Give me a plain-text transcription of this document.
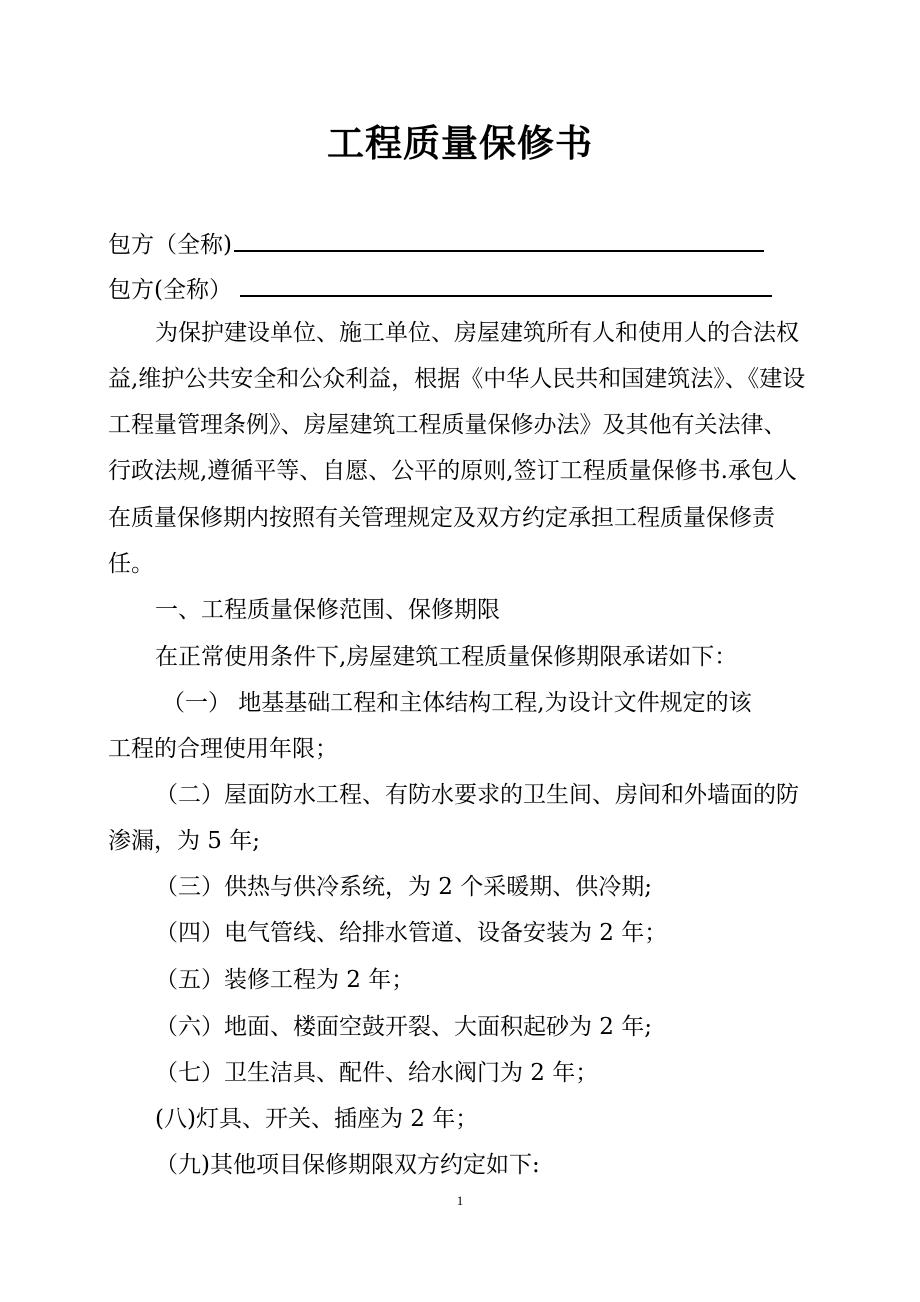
工程质量保修书
包方（全称)
包方(全称）
为保护建设单位、施工单位、房屋建筑所有人和使用人的合法权
益,维护公共安全和公众利益，根据《中华人民共和国建筑法》、《建设
工程量管理条例》、房屋建筑工程质量保修办法》及其他有关法律、
行政法规,遵循平等、自愿、公平的原则,签订工程质量保修书.承包人
在质量保修期内按照有关管理规定及双方约定承担工程质量保修责
任。
一、工程质量保修范围、保修期限
在正常使用条件下,房屋建筑工程质量保修期限承诺如下：
（一） 地基基础工程和主体结构工程,为设计文件规定的该
工程的合理使用年限；
（二）屋面防水工程、有防水要求的卫生间、房间和外墙面的防
渗漏，为 5 年;
（三）供热与供冷系统，为 2 个采暖期、供冷期;
（四）电气管线、给排水管道、设备安装为 2 年；
（五）装修工程为 2 年；
（六）地面、楼面空鼓开裂、大面积起砂为 2 年;
（七）卫生洁具、配件、给水阀门为 2 年；
(八)灯具、开关、插座为 2 年；
（九)其他项目保修期限双方约定如下:
1
